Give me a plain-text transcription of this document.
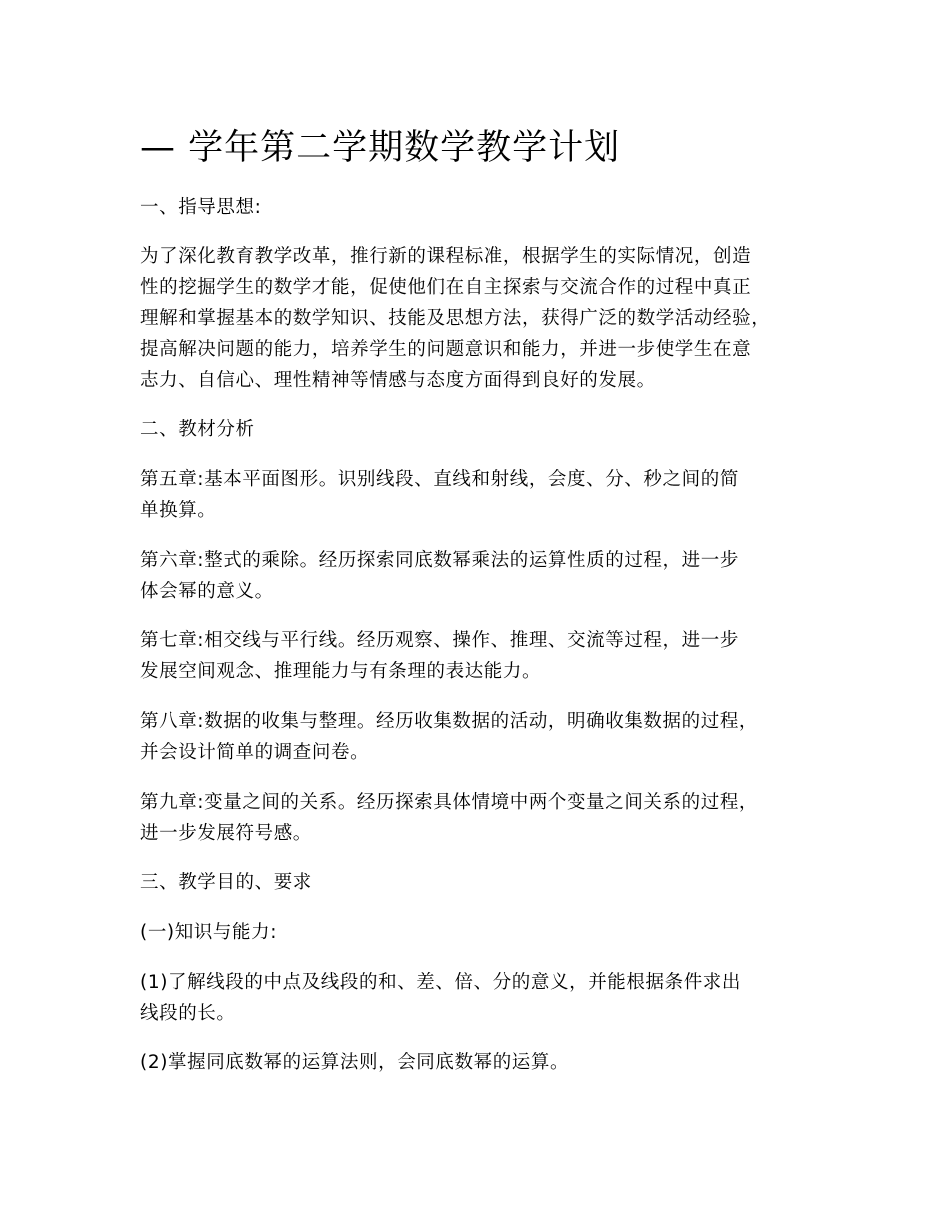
— 学年第二学期数学教学计划

一、指导思想:

为了深化教育教学改革，推行新的课程标准，根据学生的实际情况，创造
性的挖掘学生的数学才能，促使他们在自主探索与交流合作的过程中真正
理解和掌握基本的数学知识、技能及思想方法，获得广泛的数学活动经验，
提高解决问题的能力，培养学生的问题意识和能力，并进一步使学生在意
志力、自信心、理性精神等情感与态度方面得到良好的发展。

二、教材分析

第五章:基本平面图形。识别线段、直线和射线，会度、分、秒之间的简
单换算。

第六章:整式的乘除。经历探索同底数幂乘法的运算性质的过程，进一步
体会幂的意义。

第七章:相交线与平行线。经历观察、操作、推理、交流等过程，进一步
发展空间观念、推理能力与有条理的表达能力。

第八章:数据的收集与整理。经历收集数据的活动，明确收集数据的过程，
并会设计简单的调查问卷。

第九章:变量之间的关系。经历探索具体情境中两个变量之间关系的过程，
进一步发展符号感。

三、教学目的、要求

(一)知识与能力:

(1)了解线段的中点及线段的和、差、倍、分的意义，并能根据条件求出
线段的长。

(2)掌握同底数幂的运算法则，会同底数幂的运算。
